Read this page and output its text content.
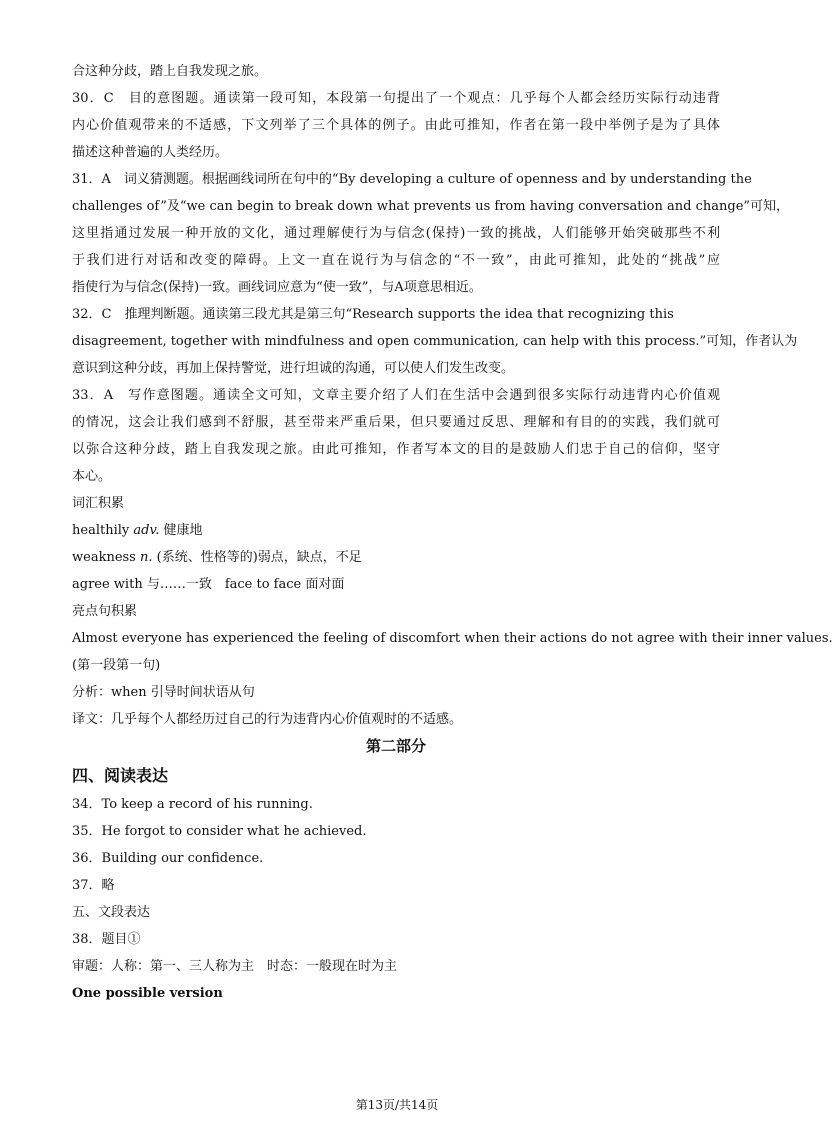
合这种分歧，踏上自我发现之旅。
30．C　目的意图题。通读第一段可知，本段第一句提出了一个观点：几乎每个人都会经历实际行动违背
内心价值观带来的不适感，下文列举了三个具体的例子。由此可推知，作者在第一段中举例子是为了具体
描述这种普遍的人类经历。
31．A　词义猜测题。根据画线词所在句中的“By developing a culture of openness and by understanding the
challenges of”及“we can begin to break down what prevents us from having conversation and change”可知，
这里指通过发展一种开放的文化，通过理解使行为与信念(保持)一致的挑战，人们能够开始突破那些不利
于我们进行对话和改变的障碍。上文一直在说行为与信念的“不一致”，由此可推知，此处的“挑战”应
指使行为与信念(保持)一致。画线词应意为“使一致”，与A项意思相近。
32．C　推理判断题。通读第三段尤其是第三句“Research supports the idea that recognizing this
disagreement, together with mindfulness and open communication, can help with this process.”可知，作者认为
意识到这种分歧，再加上保持警觉，进行坦诚的沟通，可以使人们发生改变。
33．A　写作意图题。通读全文可知，文章主要介绍了人们在生活中会遇到很多实际行动违背内心价值观
的情况，这会让我们感到不舒服，甚至带来严重后果，但只要通过反思、理解和有目的的实践，我们就可
以弥合这种分歧，踏上自我发现之旅。由此可推知，作者写本文的目的是鼓励人们忠于自己的信仰，坚守
本心。
词汇积累
healthily adv. 健康地
weakness n. (系统、性格等的)弱点，缺点，不足
agree with 与……一致　face to face 面对面
亮点句积累
Almost everyone has experienced the feeling of discomfort when their actions do not agree with their inner values.
(第一段第一句)
分析：when 引导时间状语从句
译文：几乎每个人都经历过自己的行为违背内心价值观时的不适感。
第二部分
四、阅读表达
34．To keep a record of his running.
35．He forgot to consider what he achieved.
36．Building our confidence.
37．略
五、文段表达
38．题目①
审题：人称：第一、三人称为主　时态：一般现在时为主
One possible version
第13页/共14页
